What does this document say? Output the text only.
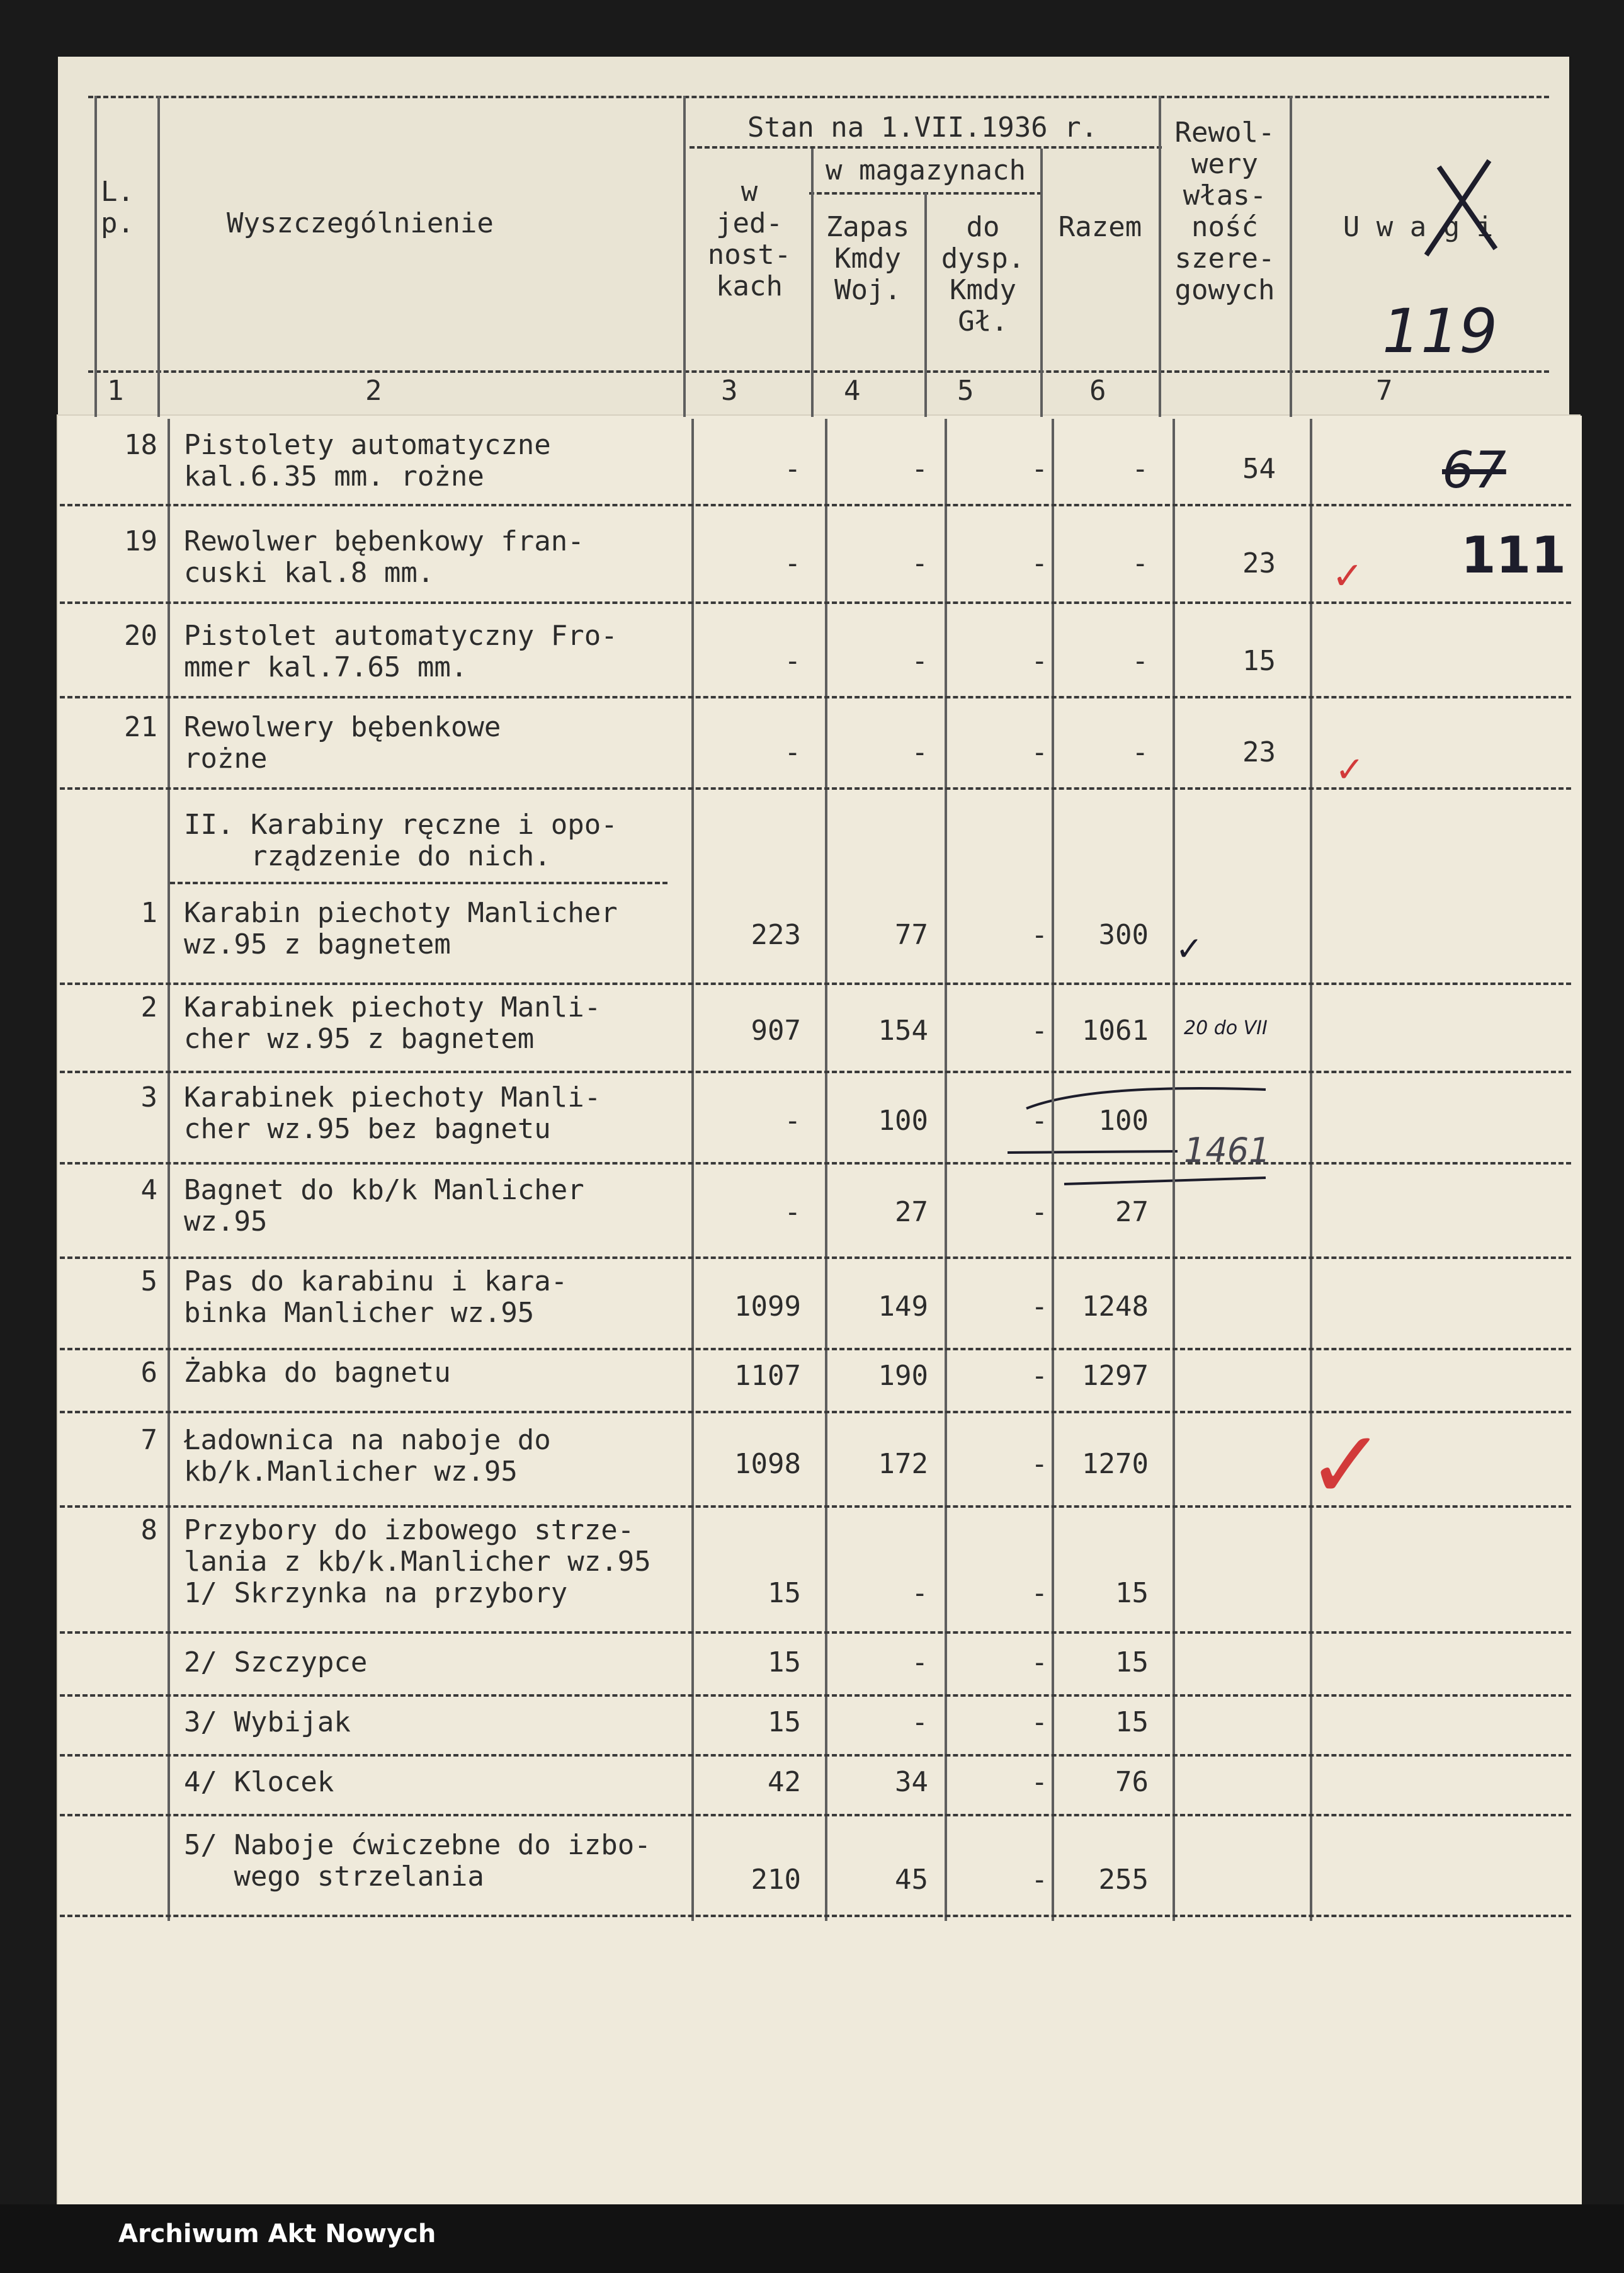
L.
p.	Wyszczególnienie
Stan na 1.VII.1936 r.
w magazynach
w
jed-
nost-
kach
Zapas
Kmdy
Woj.
do
dysp.
Kmdy
Gł.
Razem
Rewol-
wery
włas-
ność
szere-
gowych
U w a g i
1	2	3	4	5	6	7
119
67
111
20 do VII
1461
✓
✓
✓
✓
18 Pistolety automatyczne
kal.6.35 mm. rożne	-	-	-	-	54
19 Rewolwer bębenkowy fran-
cuski kal.8 mm.	-	-	-	-	23
20 Pistolet automatyczny Fro-
mmer kal.7.65 mm.	-	-	-	-	15
21 Rewolwery bębenkowe
rożne	-	-	-	-	23
II. Karabiny ręczne i opo-
rządzenie do nich.
1 Karabin piechoty Manlicher
wz.95 z bagnetem	223	77	-	300
2 Karabinek piechoty Manli-
cher wz.95 z bagnetem	907	154	-	1061
3 Karabinek piechoty Manli-
cher wz.95 bez bagnetu	-	100	-	100
4 Bagnet do kb/k Manlicher
wz.95	-	27	-	27
5 Pas do karabinu i kara-
binka Manlicher wz.95	1099	149	-	1248
6 Żabka do bagnetu	1107	190	-	1297
7 Ładownica na naboje do
kb/k.Manlicher wz.95	1098	172	-	1270
8 Przybory do izbowego strze-
lania z kb/k.Manlicher wz.95
1/ Skrzynka na przybory	15	-	-	15
2/ Szczypce	15	-	-	15
3/ Wybijak	15	-	-	15
4/ Klocek	42	34	-	76
5/ Naboje ćwiczebne do izbo-
wego strzelania	210	45	-	255
Archiwum Akt Nowych
